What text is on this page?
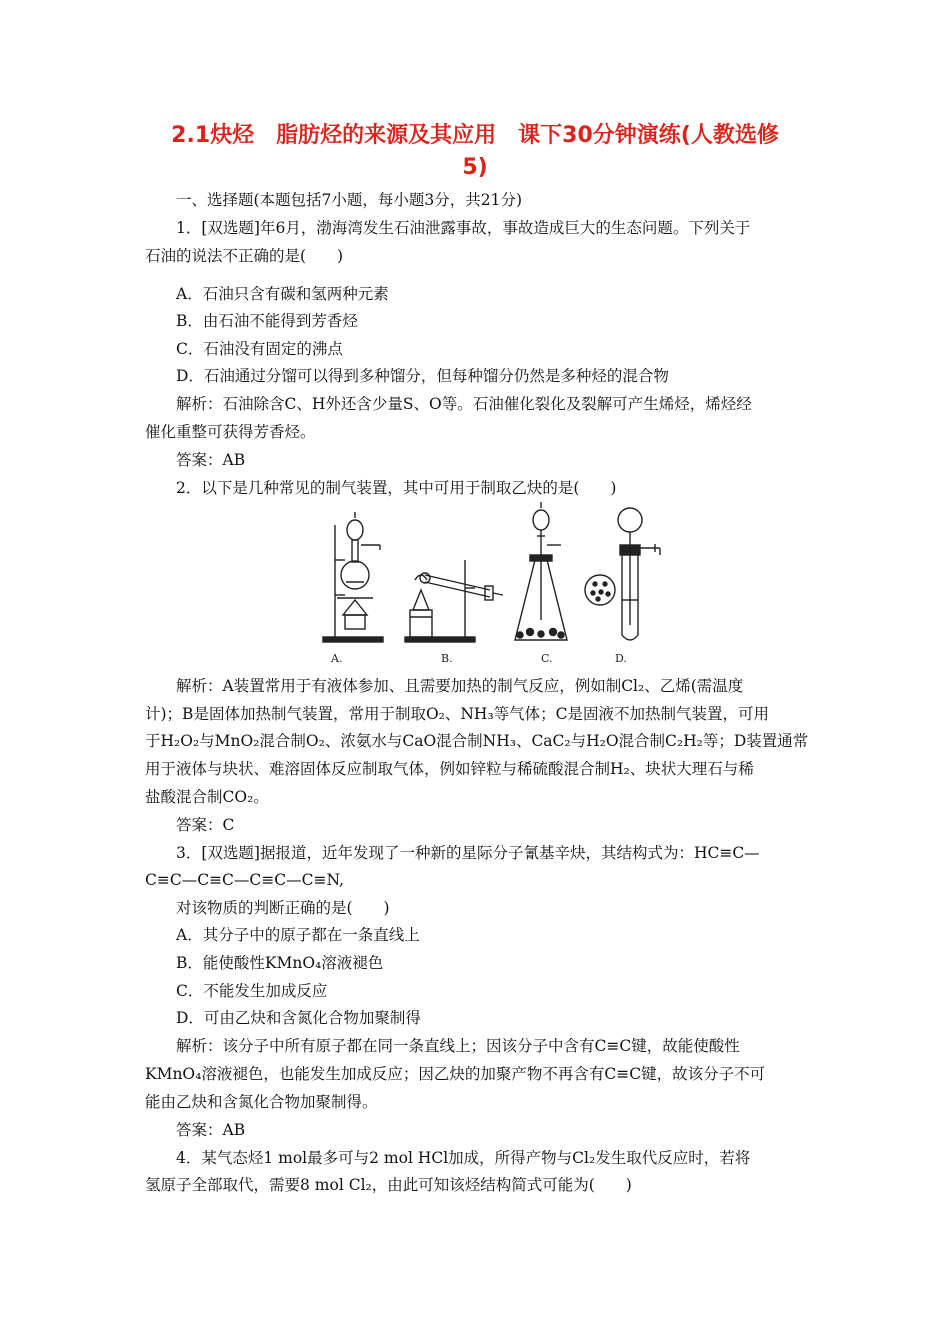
2.1炔烃　脂肪烃的来源及其应用　课下30分钟演练(人教选修
5)
一、选择题(本题包括7小题，每小题3分，共21分)
1．[双选题]年6月，渤海湾发生石油泄露事故，事故造成巨大的生态问题。下列关于
石油的说法不正确的是(　　)
A．石油只含有碳和氢两种元素
B．由石油不能得到芳香烃
C．石油没有固定的沸点
D．石油通过分馏可以得到多种馏分，但每种馏分仍然是多种烃的混合物
解析：石油除含C、H外还含少量S、O等。石油催化裂化及裂解可产生烯烃，烯烃经
催化重整可获得芳香烃。
答案：AB
2．以下是几种常见的制气装置，其中可用于制取乙炔的是(　　)
A.	B.	C.	D.
解析：A装置常用于有液体参加、且需要加热的制气反应，例如制Cl₂、乙烯(需温度
计)；B是固体加热制气装置，常用于制取O₂、NH₃等气体；C是固液不加热制气装置，可用
于H₂O₂与MnO₂混合制O₂、浓氨水与CaO混合制NH₃、CaC₂与H₂O混合制C₂H₂等；D装置通常
用于液体与块状、难溶固体反应制取气体，例如锌粒与稀硫酸混合制H₂、块状大理石与稀
盐酸混合制CO₂。
答案：C
3．[双选题]据报道，近年发现了一种新的星际分子氰基辛炔，其结构式为：HC≡C—
C≡C—C≡C—C≡C—C≡N,
对该物质的判断正确的是(　　)
A．其分子中的原子都在一条直线上
B．能使酸性KMnO₄溶液褪色
C．不能发生加成反应
D．可由乙炔和含氮化合物加聚制得
解析：该分子中所有原子都在同一条直线上；因该分子中含有C≡C键，故能使酸性
KMnO₄溶液褪色，也能发生加成反应；因乙炔的加聚产物不再含有C≡C键，故该分子不可
能由乙炔和含氮化合物加聚制得。
答案：AB
4．某气态烃1 mol最多可与2 mol HCl加成，所得产物与Cl₂发生取代反应时，若将
氢原子全部取代，需要8 mol Cl₂，由此可知该烃结构简式可能为(　　)
